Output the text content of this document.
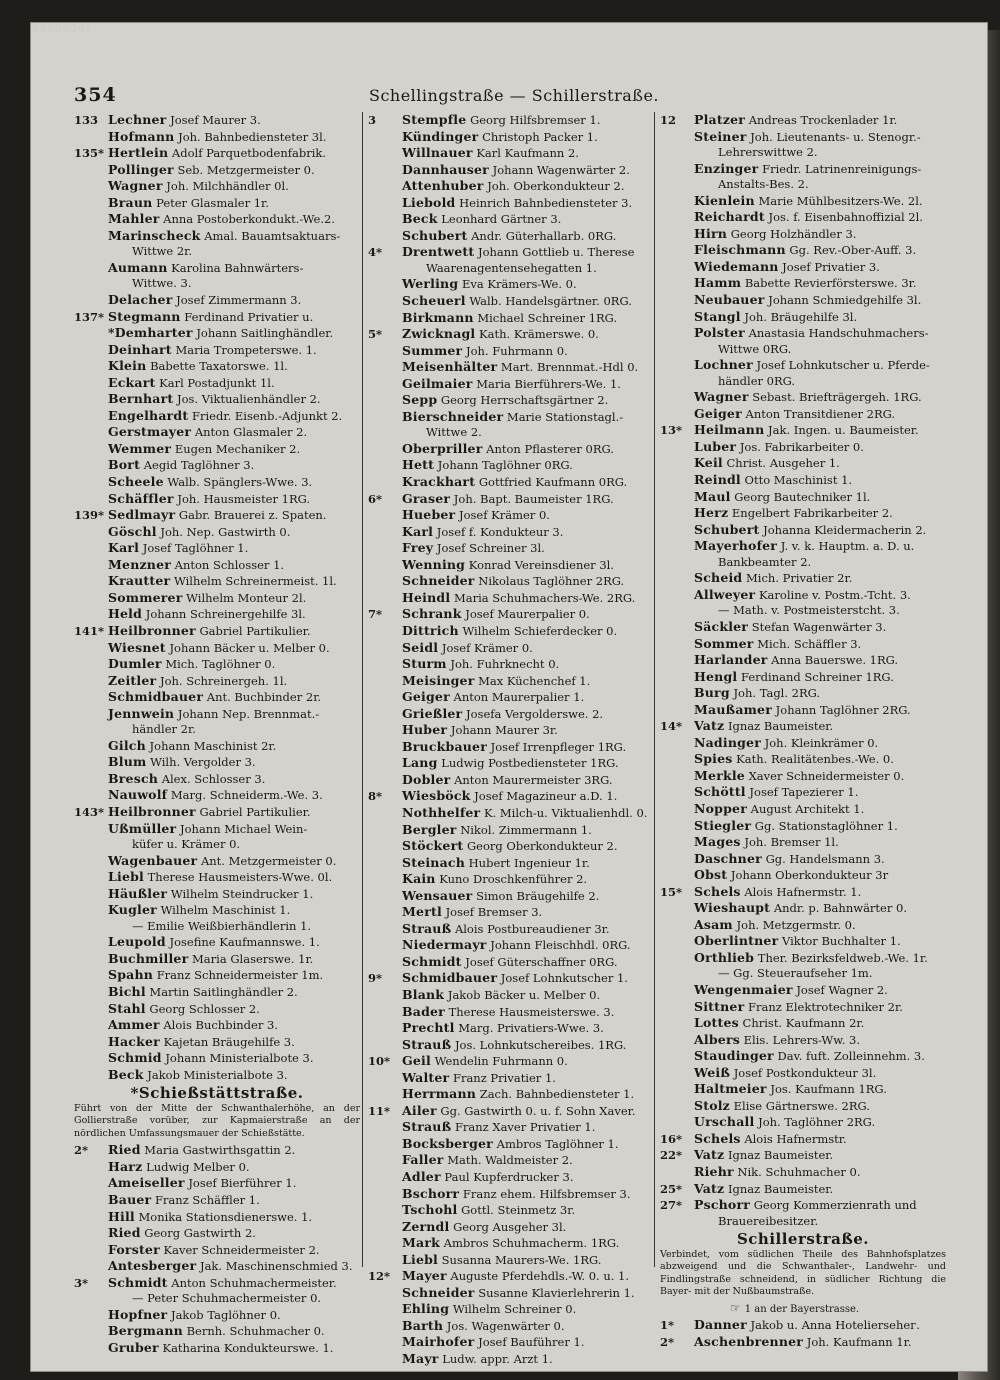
00096347
354	Schellingstraße — Schillerstraße.
133 Lechner Josef Maurer 3.
Hofmann Joh. Bahnbediensteter 3l.
135* Hertlein Adolf Parquetbodenfabrik.
Pollinger Seb. Metzgermeister 0.
Wagner Joh. Milchhändler 0l.
Braun Peter Glasmaler 1r.
Mahler Anna Postoberkondukt.-We.2.
Marinscheck Amal. Bauamtsaktuars-
Wittwe 2r.
Aumann Karolina Bahnwärters-
Wittwe. 3.
Delacher Josef Zimmermann 3.
137* Stegmann Ferdinand Privatier u.
*Demharter Johann Saitlinghändler.
Deinhart Maria Trompeterswe. 1.
Klein Babette Taxatorswe. 1l.
Eckart Karl Postadjunkt 1l.
Bernhart Jos. Viktualienhändler 2.
Engelhardt Friedr. Eisenb.-Adjunkt 2.
Gerstmayer Anton Glasmaler 2.
Wemmer Eugen Mechaniker 2.
Bort Aegid Taglöhner 3.
Scheele Walb. Spänglers-Wwe. 3.
Schäffler Joh. Hausmeister 1RG.
139* Sedlmayr Gabr. Brauerei z. Spaten.
Göschl Joh. Nep. Gastwirth 0.
Karl Josef Taglöhner 1.
Menzner Anton Schlosser 1.
Krautter Wilhelm Schreinermeist. 1l.
Sommerer Wilhelm Monteur 2l.
Held Johann Schreinergehilfe 3l.
141* Heilbronner Gabriel Partikulier.
Wiesnet Johann Bäcker u. Melber 0.
Dumler Mich. Taglöhner 0.
Zeitler Joh. Schreinergeh. 1l.
Schmidbauer Ant. Buchbinder 2r.
Jennwein Johann Nep. Brennmat.-
händler 2r.
Gilch Johann Maschinist 2r.
Blum Wilh. Vergolder 3.
Bresch Alex. Schlosser 3.
Nauwolf Marg. Schneiderm.-We. 3.
143* Heilbronner Gabriel Partikulier.
Ußmüller Johann Michael Wein-
küfer u. Krämer 0.
Wagenbauer Ant. Metzgermeister 0.
Liebl Therese Hausmeisters-Wwe. 0l.
Häußler Wilhelm Steindrucker 1.
Kugler Wilhelm Maschinist 1.
— Emilie Weißbierhändlerin 1.
Leupold Josefine Kaufmannswe. 1.
Buchmiller Maria Glaserswe. 1r.
Spahn Franz Schneidermeister 1m.
Bichl Martin Saitlinghändler 2.
Stahl Georg Schlosser 2.
Ammer Alois Buchbinder 3.
Hacker Kajetan Bräugehilfe 3.
Schmid Johann Ministerialbote 3.
Beck Jakob Ministerialbote 3.
*Schießstättstraße.
Führt von der Mitte der Schwanthalerhöhe, an der Gollierstraße vorüber, zur Kapmaierstraße an der nördlichen Umfassungsmauer der Schießstätte.
2* Ried Maria Gastwirthsgattin 2.
Harz Ludwig Melber 0.
Ameiseller Josef Bierführer 1.
Bauer Franz Schäffler 1.
Hill Monika Stationsdienerswe. 1.
Ried Georg Gastwirth 2.
Forster Kaver Schneidermeister 2.
Antesberger Jak. Maschinenschmied 3.
3* Schmidt Anton Schuhmachermeister.
— Peter Schuhmachermeister 0.
Hopfner Jakob Taglöhner 0.
Bergmann Bernh. Schuhmacher 0.
Gruber Katharina Konduktеurswe. 1.
3 Stempfle Georg Hilfsbremser 1.
Kündinger Christoph Packer 1.
Willnauer Karl Kaufmann 2.
Dannhauser Johann Wagenwärter 2.
Attenhuber Joh. Oberkondukteur 2.
Liebold Heinrich Bahnbediensteter 3.
Beck Leonhard Gärtner 3.
Schubert Andr. Güterhallarb. 0RG.
4* Drentwett Johann Gottlieb u. Therese
Waarenagentensehegatten 1.
Werling Eva Krämers-We. 0.
Scheuerl Walb. Handelsgärtner. 0RG.
Birkmann Michael Schreiner 1RG.
5* Zwicknagl Kath. Krämerswe. 0.
Summer Joh. Fuhrmann 0.
Meisenhälter Mart. Brennmat.-Hdl 0.
Geilmaier Maria Bierführers-We. 1.
Sepp Georg Herrschaftsgärtner 2.
Bierschneider Marie Stationstagl.-
Wittwe 2.
Oberpriller Anton Pflasterer 0RG.
Hett Johann Taglöhner 0RG.
Krackhart Gottfried Kaufmann 0RG.
6* Graser Joh. Bapt. Baumeister 1RG.
Hueber Josef Krämer 0.
Karl Josef f. Kondukteur 3.
Frey Josef Schreiner 3l.
Wenning Konrad Vereinsdiener 3l.
Schneider Nikolaus Taglöhner 2RG.
Heindl Maria Schuhmachers-We. 2RG.
7* Schrank Josef Maurerpalier 0.
Dittrich Wilhelm Schieferdecker 0.
Seidl Josef Krämer 0.
Sturm Joh. Fuhrknecht 0.
Meisinger Max Küchenchef 1.
Geiger Anton Maurerpalier 1.
Grießler Josefa Vergolderswe. 2.
Huber Johann Maurer 3r.
Bruckbauer Josef Irrenpfleger 1RG.
Lang Ludwig Postbediensteter 1RG.
Dobler Anton Maurermeister 3RG.
8* Wiesböck Josef Magazineur a.D. 1.
Nothhelfer K. Milch-u. Viktualienhdl. 0.
Bergler Nikol. Zimmermann 1.
Stöckert Georg Oberkondukteur 2.
Steinach Hubert Ingenieur 1r.
Kain Kuno Droschkenführer 2.
Wensauer Simon Bräugehilfe 2.
Mertl Josef Bremser 3.
Strauß Alois Postbureaudiener 3r.
Niedermayr Johann Fleischhdl. 0RG.
Schmidt Josef Güterschaffner 0RG.
9* Schmidbauer Josef Lohnkutscher 1.
Blank Jakob Bäcker u. Melber 0.
Bader Therese Hausmeisterswe. 3.
Prechtl Marg. Privatiers-Wwe. 3.
Strauß Jos. Lohnkutschereibes. 1RG.
10* Geil Wendelin Fuhrmann 0.
Walter Franz Privatier 1.
Herrmann Zach. Bahnbediensteter 1.
11* Ailer Gg. Gastwirth 0. u. f. Sohn Xaver.
Strauß Franz Xaver Privatier 1.
Bocksberger Ambros Taglöhner 1.
Faller Math. Waldmeister 2.
Adler Paul Kupferdrucker 3.
Bschorr Franz ehem. Hilfsbremser 3.
Tschohl Gottl. Steinmetz 3r.
Zerndl Georg Ausgeher 3l.
Mark Ambros Schuhmacherm. 1RG.
Liebl Susanna Maurers-We. 1RG.
12* Mayer Auguste Pferdehdls.-W. 0. u. 1.
Schneider Susanne Klavierlehrerin 1.
Ehling Wilhelm Schreiner 0.
Barth Jos. Wagenwärter 0.
Mairhofer Josef Bauführer 1.
Mayr Ludw. appr. Arzt 1.
12 Platzer Andreas Trockenlader 1r.
Steiner Joh. Lieutenants- u. Stenogr.-
Lehrerswittwe 2.
Enzinger Friedr. Latrinenreinigungs-
Anstalts-Bes. 2.
Kienlein Marie Mühlbesitzers-We. 2l.
Reichardt Jos. f. Eisenbahnoffizial 2l.
Hirn Georg Holzhändler 3.
Fleischmann Gg. Rev.-Ober-Auff. 3.
Wiedemann Josef Privatier 3.
Hamm Babette Revierförsterswe. 3r.
Neubauer Johann Schmiedgehilfe 3l.
Stangl Joh. Bräugehilfe 3l.
Polster Anastasia Handschuhmachers-
Wittwe 0RG.
Lochner Josef Lohnkutscher u. Pferde-
händler 0RG.
Wagner Sebast. Briefträgergeh. 1RG.
Geiger Anton Transitdiener 2RG.
13* Heilmann Jak. Ingen. u. Baumeister.
Luber Jos. Fabrikarbeiter 0.
Keil Christ. Ausgeher 1.
Reindl Otto Maschinist 1.
Maul Georg Bautechniker 1l.
Herz Engelbert Fabrikarbeiter 2.
Schubert Johanna Kleidermacherin 2.
Mayerhofer J. v. k. Hauptm. a. D. u.
Bankbeamter 2.
Scheid Mich. Privatier 2r.
Allweyer Karoline v. Postm.-Tcht. 3.
— Math. v. Postmeisterstcht. 3.
Säckler Stefan Wagenwärter 3.
Sommer Mich. Schäffler 3.
Harlander Anna Bauerswe. 1RG.
Hengl Ferdinand Schreiner 1RG.
Burg Joh. Tagl. 2RG.
Maußamer Johann Taglöhner 2RG.
14* Vatz Ignaz Baumeister.
Nadinger Joh. Kleinkrämer 0.
Spies Kath. Realitätenbes.-We. 0.
Merkle Xaver Schneidermeister 0.
Schöttl Josef Tapezierer 1.
Nopper August Architekt 1.
Stiegler Gg. Stationstaglöhner 1.
Mages Joh. Bremser 1l.
Daschner Gg. Handelsmann 3.
Obst Johann Oberkondukteur 3r
15* Schels Alois Hafnermstr. 1.
Wieshaupt Andr. p. Bahnwärter 0.
Asam Joh. Metzgermstr. 0.
Oberlintner Viktor Buchhalter 1.
Orthlieb Ther. Bezirksfeldweb.-We. 1r.
— Gg. Steueraufseher 1m.
Wengenmaier Josef Wagner 2.
Sittner Franz Elektrotechniker 2r.
Lottes Christ. Kaufmann 2r.
Albers Elis. Lehrers-Ww. 3.
Staudinger Dav. fuft. Zolleinnehm. 3.
Weiß Josef Postkondukteur 3l.
Haltmeier Jos. Kaufmann 1RG.
Stolz Elise Gärtnerswe. 2RG.
Urschall Joh. Taglöhner 2RG.
16* Schels Alois Hafnermstr.
22* Vatz Ignaz Baumeister.
Riehr Nik. Schuhmacher 0.
25* Vatz Ignaz Baumeister.
27* Pschorr Georg Kommerzienrath und
Brauereibesitzer.
Schillerstraße.
Verbindet, vom südlichen Theile des Bahnhofsplatzes abzweigend und die Schwanthaler-, Landwehr- und Findlingstraße schneidend, in südlicher Richtung die Bayer- mit der Nußbaumstraße.
☞ 1 an der Bayerstrasse.
1* Danner Jakob u. Anna Hoteliersehег.
2* Aschenbrenner Joh. Kaufmann 1r.
